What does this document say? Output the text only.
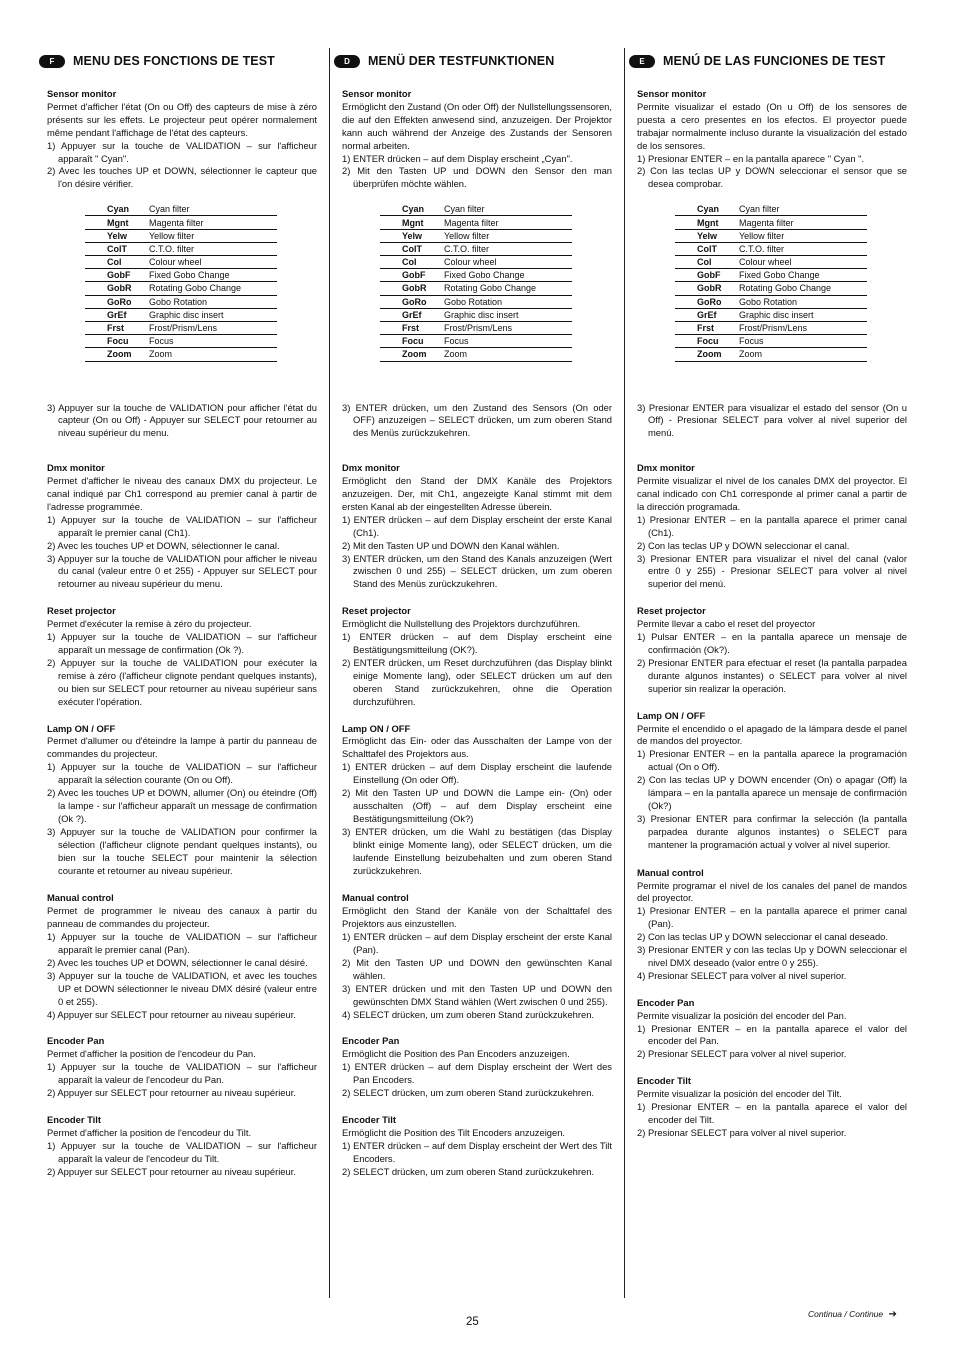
F	MENU DES FONCTIONS DE TEST
Sensor monitor

Permet d'afficher l'état (On ou Off) des capteurs de mise à zéro présents sur les effets. Le projecteur peut opérer normalement même pendant l'affichage de l'état des capteurs.

1) Appuyer sur la touche de VALIDATION – sur l'afficheur apparaît " Cyan".
2) Avec les touches UP et DOWN, sélectionner le capteur que l'on désire vérifier.
Cyan	Cyan filter
Mgnt	Magenta filter
Yelw	Yellow filter
ColT	C.T.O. filter
Col	Colour wheel
GobF	Fixed Gobo Change
GobR	Rotating Gobo Change
GoRo	Gobo Rotation
GrEf	Graphic disc insert
Frst	Frost/Prism/Lens
Focu	Focus
Zoom	Zoom
3) Appuyer sur la touche de VALIDATION pour afficher l'état du capteur (On ou Off) - Appuyer sur SELECT pour retourner au niveau supérieur du menu.
Dmx monitor

Permet d'afficher le niveau des canaux DMX du projecteur. Le canal indiqué par Ch1 correspond au premier canal à partir de l'adresse programmée.

1) Appuyer sur la touche de VALIDATION – sur l'afficheur apparaît le premier canal (Ch1).
2) Avec les touches UP et DOWN, sélectionner le canal.
3) Appuyer sur la touche de VALIDATION pour afficher le niveau du canal (valeur entre 0 et 255) - Appuyer sur SELECT pour retourner au niveau supérieur du menu.
Reset projector

Permet d'exécuter la remise à zéro du projecteur.

1) Appuyer sur la touche de VALIDATION – sur l'afficheur apparaît un message de confirmation (Ok ?).
2) Appuyer sur la touche de VALIDATION pour exécuter la remise à zéro (l'afficheur clignote pendant quelques instants), ou bien sur SELECT pour retourner au niveau supérieur sans exécuter l'opération.
Lamp ON / OFF

Permet d'allumer ou d'éteindre la lampe à partir du panneau de commandes du projecteur.

1) Appuyer sur la touche de VALIDATION – sur l'afficheur apparaît la sélection courante (On ou Off).
2) Avec les touches UP et DOWN, allumer (On) ou éteindre (Off) la lampe - sur l'afficheur apparaît un message de confirmation (Ok ?).
3) Appuyer sur la touche de VALIDATION pour confirmer la sélection (l'afficheur clignote pendant quelques instants), ou bien sur la touche SELECT pour maintenir la sélection courante et retourner au niveau supérieur.
Manual control

Permet de programmer le niveau des canaux à partir du panneau de commandes du projecteur.

1) Appuyer sur la touche de VALIDATION – sur l'afficheur apparaît le premier canal (Pan).
2) Avec les touches UP et DOWN, sélectionner le canal désiré.
3) Appuyer sur la touche de VALIDATION, et avec les touches UP et DOWN sélectionner le niveau DMX désiré (valeur entre 0 et 255).
4) Appuyer sur SELECT pour retourner au niveau supérieur.
Encoder Pan

Permet d'afficher la position de l'encodeur du Pan.

1) Appuyer sur la touche de VALIDATION – sur l'afficheur apparaît la valeur de l'encodeur du Pan.
2) Appuyer sur SELECT pour retourner au niveau supérieur.
Encoder Tilt

Permet d'afficher la position de l'encodeur du Tilt.

1) Appuyer sur la touche de VALIDATION – sur l'afficheur apparaît la valeur de l'encodeur du Tilt.
2) Appuyer sur SELECT pour retourner au niveau supérieur.
D	MENÜ DER TESTFUNKTIONEN
Sensor monitor

Ermöglicht den Zustand (On oder Off) der Nullstellungssensoren, die auf den Effekten anwesend sind, anzuzeigen. Der Projektor kann auch während der Anzeige des Zustands der Sensoren normal arbeiten.

1) ENTER drücken – auf dem Display erscheint „Cyan".
2) Mit den Tasten UP und DOWN den Sensor den man überprüfen möchte wählen.
Cyan	Cyan filter
Mgnt	Magenta filter
Yelw	Yellow filter
ColT	C.T.O. filter
Col	Colour wheel
GobF	Fixed Gobo Change
GobR	Rotating Gobo Change
GoRo	Gobo Rotation
GrEf	Graphic disc insert
Frst	Frost/Prism/Lens
Focu	Focus
Zoom	Zoom
3) ENTER drücken, um den Zustand des Sensors (On oder OFF) anzuzeigen – SELECT drücken, um zum oberen Stand des Menüs zurückzukehren.
Dmx monitor

Ermöglicht den Stand der DMX Kanäle des Projektors anzuzeigen. Der, mit Ch1, angezeigte Kanal stimmt mit dem ersten Kanal ab der eingestellten Adresse überein.

1) ENTER drücken – auf dem Display erscheint der erste Kanal (Ch1).
2) Mit den Tasten UP und DOWN den Kanal wählen.
3) ENTER drücken, um den Stand des Kanals anzuzeigen (Wert zwischen 0 und 255) – SELECT drücken, um zum oberen Stand des Menüs zurückzukehren.
Reset projector

Ermöglicht die Nullstellung des Projektors durchzuführen.

1) ENTER drücken – auf dem Display erscheint eine Bestätigungsmitteilung (OK?).
2) ENTER drücken, um Reset durchzuführen (das Display blinkt einige Momente lang), oder SELECT drücken um auf den oberen Stand zurückzukehren, ohne die Operation durchzuführen.
Lamp ON / OFF

Ermöglicht das Ein- oder das Ausschalten der Lampe von der Schalttafel des Projektors aus.

1) ENTER drücken – auf dem Display erscheint die laufende Einstellung (On oder Off).
2) Mit den Tasten UP und DOWN die Lampe ein- (On) oder ausschalten (Off) – auf dem Display erscheint eine Bestätigungsmitteilung (Ok?)
3) ENTER drücken, um die Wahl zu bestätigen (das Display blinkt einige Momente lang), oder SELECT drücken, um die laufende Einstellung beizubehalten und zum oberen Stand zurückzukehren.
Manual control

Ermöglicht den Stand der Kanäle von der Schalttafel des Projektors aus einzustellen.

1) ENTER drücken – auf dem Display erscheint der erste Kanal (Pan).
2) Mit den Tasten UP und DOWN den gewünschten Kanal wählen.
3) ENTER drücken und mit den Tasten UP und DOWN den gewünschten DMX Stand wählen (Wert zwischen 0 und 255).
4) SELECT drücken, um zum oberen Stand zurückzukehren.
Encoder Pan

Ermöglicht die Position des Pan Encoders anzuzeigen.

1) ENTER drücken – auf dem Display erscheint der Wert des Pan Encoders.
2) SELECT drücken, um zum oberen Stand zurückzukehren.
Encoder Tilt

Ermöglicht die Position des Tilt Encoders anzuzeigen.

1) ENTER drücken – auf dem Display erscheint der Wert des Tilt Encoders.
2) SELECT drücken, um zum oberen Stand zurückzukehren.
E	MENÚ DE LAS FUNCIONES DE TEST
Sensor monitor

Permite visualizar el estado (On u Off) de los sensores de puesta a cero presentes en los efectos. El proyector puede trabajar normalmente incluso durante la visualización del estado de los sensores.

1) Presionar ENTER – en la pantalla aparece " Cyan ".
2) Con las teclas UP y DOWN seleccionar el sensor que se desea comprobar.
Cyan	Cyan filter
Mgnt	Magenta filter
Yelw	Yellow filter
ColT	C.T.O. filter
Col	Colour wheel
GobF	Fixed Gobo Change
GobR	Rotating Gobo Change
GoRo	Gobo Rotation
GrEf	Graphic disc insert
Frst	Frost/Prism/Lens
Focu	Focus
Zoom	Zoom
3) Presionar ENTER para visualizar el estado del sensor (On u Off) - Presionar SELECT para volver al nivel superior del menú.
Dmx monitor

Permite visualizar el nivel de los canales DMX del proyector. El canal indicado con Ch1 corresponde al primer canal a partir de la dirección programada.

1) Presionar ENTER – en la pantalla aparece el primer canal (Ch1).
2) Con las teclas UP y DOWN seleccionar el canal.
3) Presionar ENTER para visualizar el nivel del canal (valor entre 0 y 255) - Presionar SELECT para volver al nivel superior del menú.
Reset projector

Permite llevar a cabo el reset del proyector

1) Pulsar ENTER – en la pantalla aparece un mensaje de confirmación (Ok?).
2) Presionar ENTER para efectuar el reset (la pantalla parpadea durante algunos instantes) o SELECT para volver al nivel superior sin realizar la operación.
Lamp ON / OFF

Permite el encendido o el apagado de la lámpara desde el panel de mandos del proyector.

1) Presionar ENTER – en la pantalla aparece la programación actual (On o Off).
2) Con las teclas UP y DOWN encender (On) o apagar (Off) la lámpara – en la pantalla aparece un mensaje de confirmación (Ok?)
3) Presionar ENTER para confirmar la selección (la pantalla parpadea durante algunos instantes) o SELECT para mantener la programación actual y volver al nivel superior.
Manual control

Permite programar el nivel de los canales del panel de mandos del proyector.

1) Presionar ENTER – en la pantalla aparece el primer canal (Pan).
2) Con las teclas UP y DOWN seleccionar el canal deseado.
3) Presionar ENTER y con las teclas Up y DOWN seleccionar el nivel DMX deseado (valor entre 0 y 255).
4) Presionar SELECT para volver al nivel superior.
Encoder Pan

Permite visualizar la posición del encoder del Pan.

1) Presionar ENTER – en la pantalla aparece el valor del encoder del Pan.
2) Presionar SELECT para volver al nivel superior.
Encoder Tilt

Permite visualizar la posición del encoder del Tilt.

1) Presionar ENTER – en la pantalla aparece el valor del encoder del Tilt.
2) Presionar SELECT para volver al nivel superior.
25
Continua / Continue ➔
